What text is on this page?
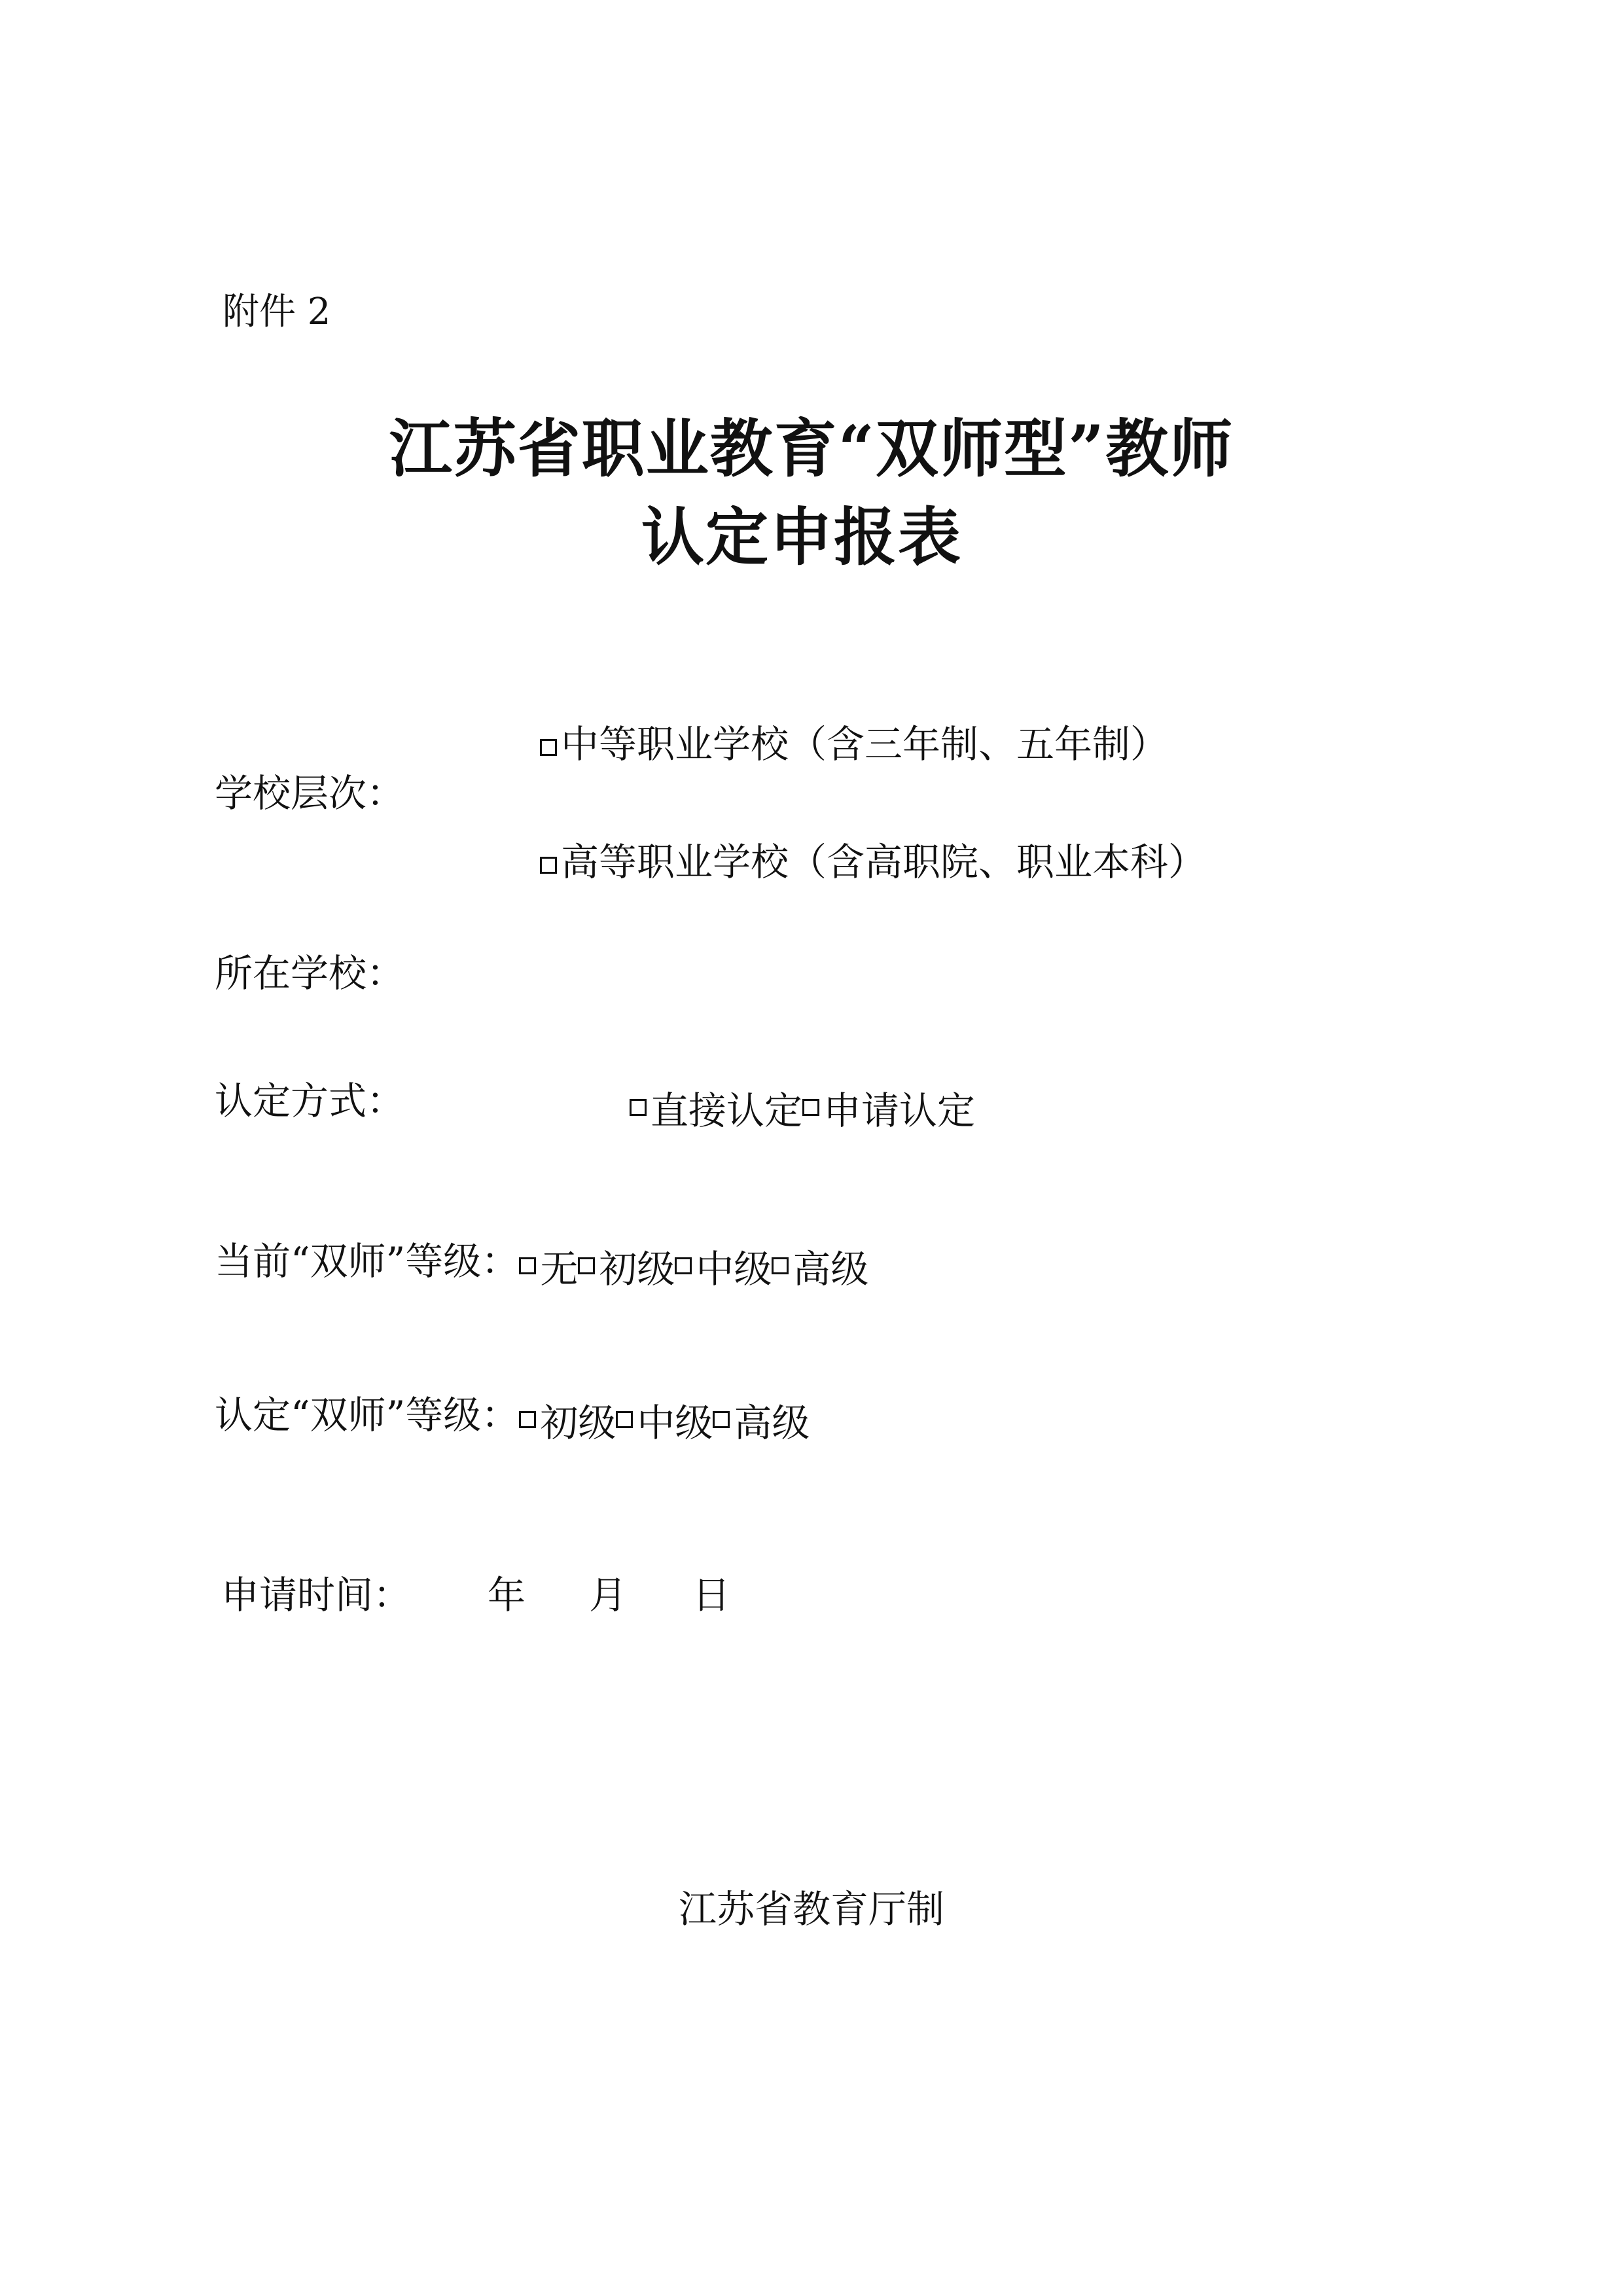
附件 2
江苏省职业教育“双师型”教师
认定申报表
学校层次：
中等职业学校（含三年制、五年制）
高等职业学校（含高职院、职业本科）
所在学校：
认定方式：	直接认定 申请认定
当前“双师”等级： 无 初级 中级 高级
认定“双师”等级： 初级 中级 高级
申请时间： 年 月 日
江苏省教育厅制
